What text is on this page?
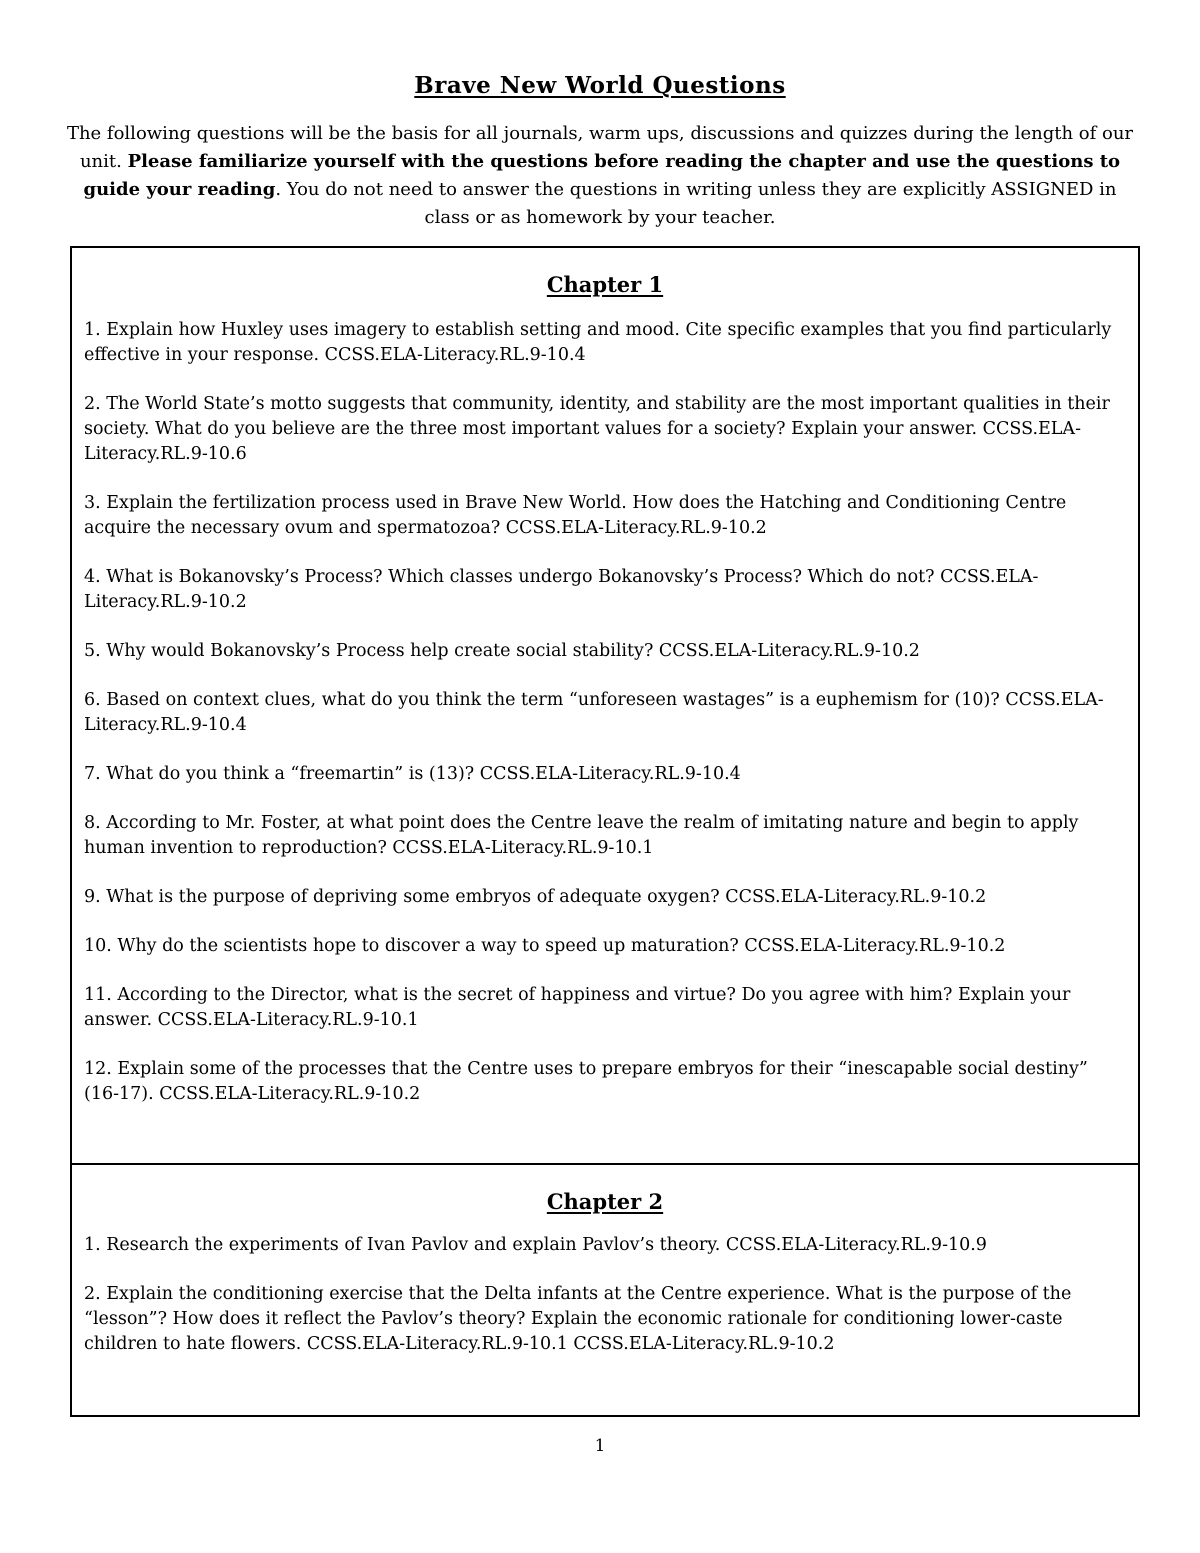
Brave New World Questions
The following questions will be the basis for all journals, warm ups, discussions and quizzes during the length of our unit. Please familiarize yourself with the questions before reading the chapter and use the questions to guide your reading. You do not need to answer the questions in writing unless they are explicitly ASSIGNED in class or as homework by your teacher.
Chapter 1

1. Explain how Huxley uses imagery to establish setting and mood. Cite specific examples that you find particularly effective in your response. CCSS.ELA-Literacy.RL.9-10.4

2. The World State’s motto suggests that community, identity, and stability are the most important qualities in their society. What do you believe are the three most important values for a society? Explain your answer. CCSS.ELA-Literacy.RL.9-10.6

3. Explain the fertilization process used in Brave New World. How does the Hatching and Conditioning Centre acquire the necessary ovum and spermatozoa? CCSS.ELA-Literacy.RL.9-10.2

4. What is Bokanovsky’s Process? Which classes undergo Bokanovsky’s Process? Which do not? CCSS.ELA-Literacy.RL.9-10.2

5. Why would Bokanovsky’s Process help create social stability? CCSS.ELA-Literacy.RL.9-10.2

6. Based on context clues, what do you think the term “unforeseen wastages” is a euphemism for (10)? CCSS.ELA-Literacy.RL.9-10.4

7. What do you think a “freemartin” is (13)? CCSS.ELA-Literacy.RL.9-10.4

8. According to Mr. Foster, at what point does the Centre leave the realm of imitating nature and begin to apply human invention to reproduction? CCSS.ELA-Literacy.RL.9-10.1

9. What is the purpose of depriving some embryos of adequate oxygen? CCSS.ELA-Literacy.RL.9-10.2

10. Why do the scientists hope to discover a way to speed up maturation? CCSS.ELA-Literacy.RL.9-10.2

11. According to the Director, what is the secret of happiness and virtue? Do you agree with him? Explain your answer. CCSS.ELA-Literacy.RL.9-10.1

12. Explain some of the processes that the Centre uses to prepare embryos for their “inescapable social destiny” (16-17). CCSS.ELA-Literacy.RL.9-10.2

Chapter 2

1. Research the experiments of Ivan Pavlov and explain Pavlov’s theory. CCSS.ELA-Literacy.RL.9-10.9

2. Explain the conditioning exercise that the Delta infants at the Centre experience. What is the purpose of the “lesson”? How does it reflect the Pavlov’s theory? Explain the economic rationale for conditioning lower-caste children to hate flowers. CCSS.ELA-Literacy.RL.9-10.1 CCSS.ELA-Literacy.RL.9-10.2

1
